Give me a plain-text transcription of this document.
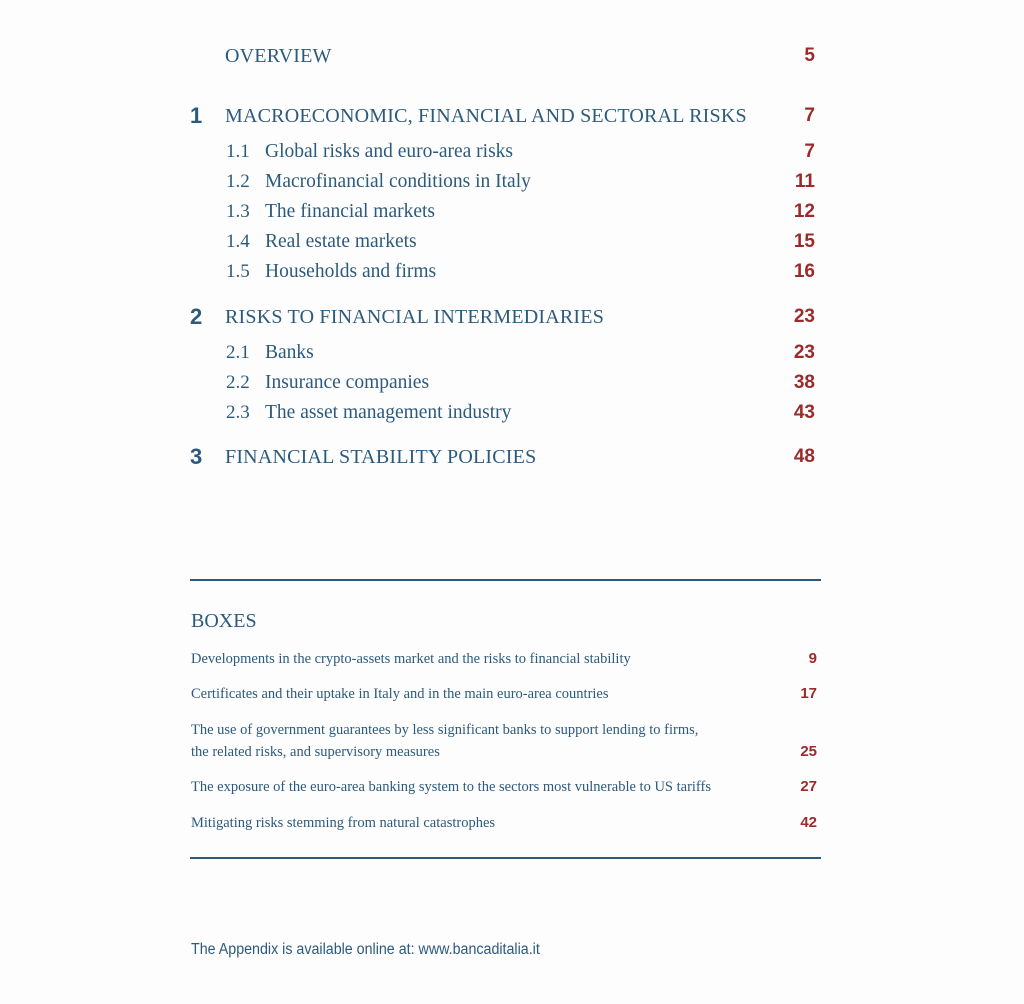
OVERVIEW	5
1 MACROECONOMIC, FINANCIAL AND SECTORAL RISKS	7
1.1 Global risks and euro-area risks	7
1.2 Macrofinancial conditions in Italy	11
1.3 The financial markets	12
1.4 Real estate markets	15
1.5 Households and firms	16
2 RISKS TO FINANCIAL INTERMEDIARIES	23
2.1 Banks	23
2.2 Insurance companies	38
2.3 The asset management industry	43
3 FINANCIAL STABILITY POLICIES	48
BOXES
Developments in the crypto-assets market and the risks to financial stability	9
Certificates and their uptake in Italy and in the main euro-area countries	17
The use of government guarantees by less significant banks to support lending to firms, the related risks, and supervisory measures	25
The exposure of the euro-area banking system to the sectors most vulnerable to US tariffs	27
Mitigating risks stemming from natural catastrophes	42
The Appendix is available online at: www.bancaditalia.it
